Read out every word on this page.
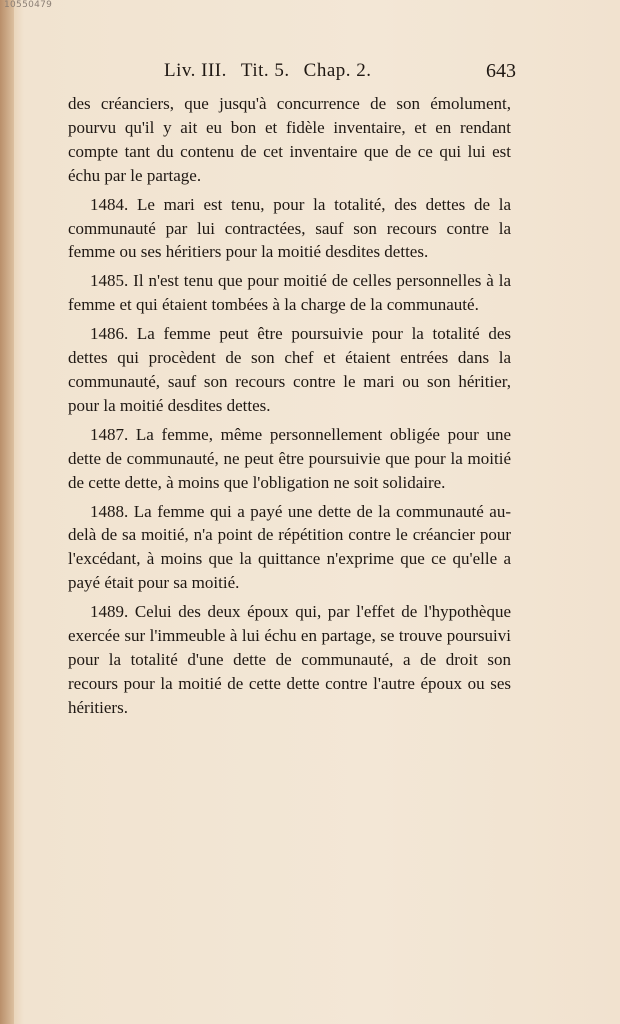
10550479
Liv. III. Tit. 5. Chap. 2.	643

des créanciers, que jusqu'à concurrence de son émolument, pourvu qu'il y ait eu bon et fidèle inventaire, et en rendant compte tant du contenu de cet inventaire que de ce qui lui est échu par le partage.

1484. Le mari est tenu, pour la totalité, des dettes de la communauté par lui contractées, sauf son recours contre la femme ou ses héritiers pour la moitié desdites dettes.

1485. Il n'est tenu que pour moitié de celles personnelles à la femme et qui étaient tombées à la charge de la communauté.

1486. La femme peut être poursuivie pour la totalité des dettes qui procèdent de son chef et étaient entrées dans la communauté, sauf son recours contre le mari ou son héritier, pour la moitié desdites dettes.

1487. La femme, même personnellement obligée pour une dette de communauté, ne peut être poursuivie que pour la moitié de cette dette, à moins que l'obligation ne soit solidaire.

1488. La femme qui a payé une dette de la communauté au-delà de sa moitié, n'a point de répétition contre le créancier pour l'excédant, à moins que la quittance n'exprime que ce qu'elle a payé était pour sa moitié.

1489. Celui des deux époux qui, par l'effet de l'hypothèque exercée sur l'immeuble à lui échu en partage, se trouve poursuivi pour la totalité d'une dette de communauté, a de droit son recours pour la moitié de cette dette contre l'autre époux ou ses héritiers.
